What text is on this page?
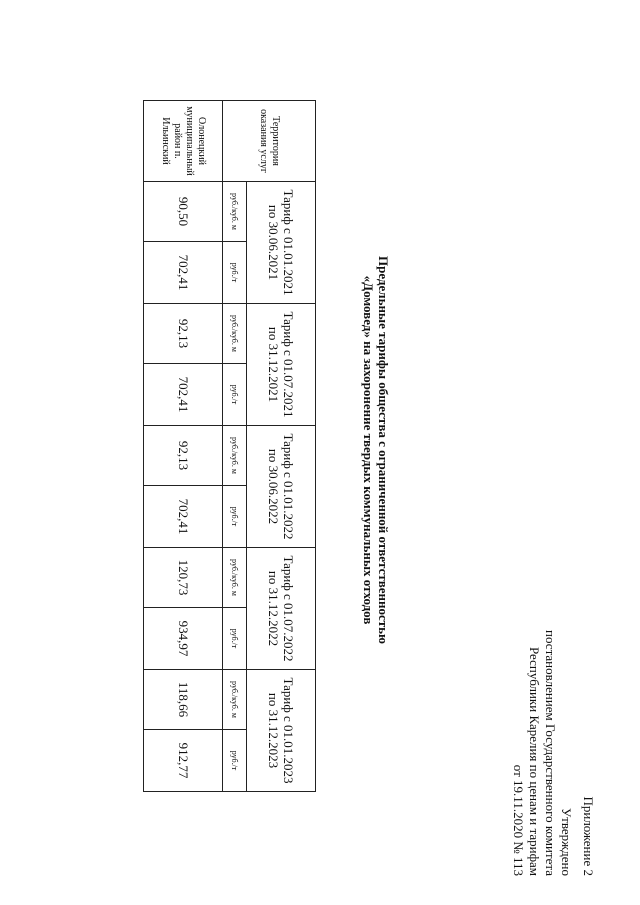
Приложение 2
Утверждено
постановлением Государственного комитета
Республики Карелия по ценам и тарифам
от 19.11.2020 № 113
Предельные тарифы общества с ограниченной ответственностью
«Домовед» на захоронение твердых коммунальных отходов
Территория оказания услуг	Тариф с 01.01.2021 по 30.06.2021		Тариф с 01.07.2021 по 31.12.2021		Тариф с 01.01.2022 по 30.06.2022		Тариф с 01.07.2022 по 31.12.2022		Тариф с 01.01.2023 по 31.12.2023	
	руб./куб. м	руб./т	руб./куб. м	руб./т	руб./куб. м	руб./т	руб./куб. м	руб./т	руб./куб. м	руб./т
Олонецкий муниципальный район п. Ильинский	90,50	702,41	92,13	702,41	92,13	702,41	120,73	934,97	118,66	912,77
